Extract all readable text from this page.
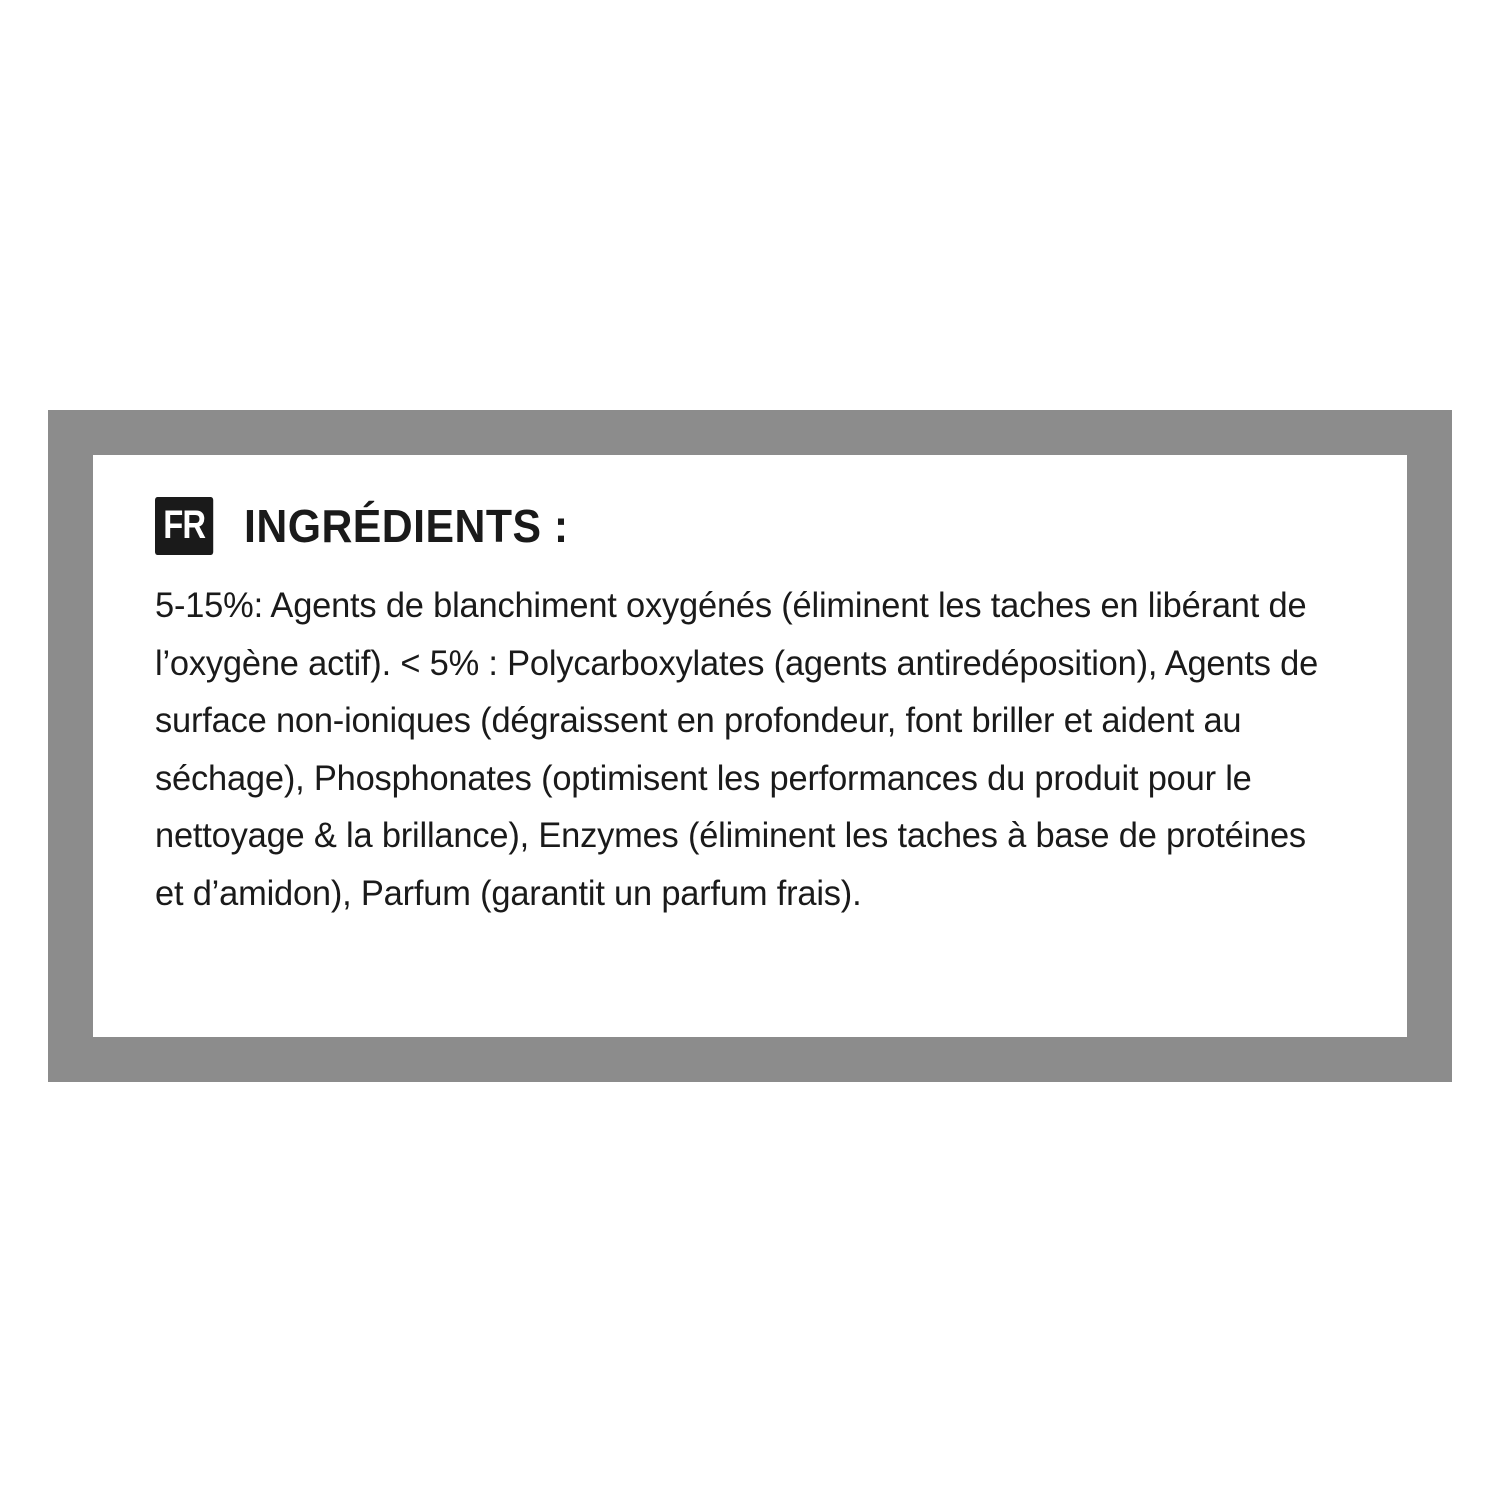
FR INGRÉDIENTS :
5-15%: Agents de blanchiment oxygénés (éliminent les taches en libérant de l’oxygène actif). < 5% : Polycarboxylates (agents antiredéposition), Agents de surface non-ioniques (dégraissent en profondeur, font briller et aident au séchage), Phosphonates (optimisent les performances du produit pour le nettoyage & la brillance), Enzymes (éliminent les taches à base de protéines et d’amidon), Parfum (garantit un parfum frais).
